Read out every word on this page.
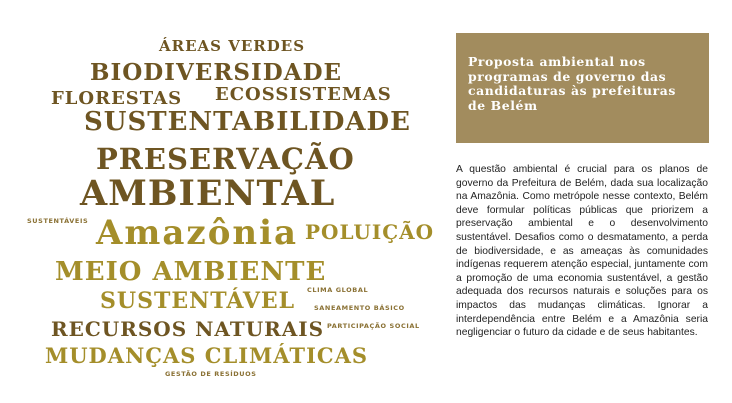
ÁREAS VERDES
BIODIVERSIDADE
FLORESTAS ECOSSISTEMAS
SUSTENTABILIDADE
PRESERVAÇÃO
AMBIENTAL
SUSTENTÁVEIS Amazônia POLUIÇÃO
MEIO AMBIENTE
CLIMA GLOBAL
SUSTENTÁVEL	SANEAMENTO BÁSICO
RECURSOS NATURAIS PARTICIPAÇÃO SOCIAL
MUDANÇAS CLIMÁTICAS
GESTÃO DE RESÍDUOS
Proposta ambiental nos programas de governo das candidaturas às prefeituras de Belém
A questão ambiental é crucial para os planos de governo da Prefeitura de Belém, dada sua localização na Amazônia. Como metrópole nesse contexto, Belém deve formular políticas públicas que priorizem a preservação ambiental e o desenvolvimento sustentável. Desafios como o desmatamento, a perda de biodiversidade, e as ameaças às comunidades indígenas requerem atenção especial, juntamente com a promoção de uma economia sustentável, a gestão adequada dos recursos naturais e soluções para os impactos das mudanças climáticas. Ignorar a interdependência entre Belém e a Amazônia seria negligenciar o futuro da cidade e de seus habitantes.
